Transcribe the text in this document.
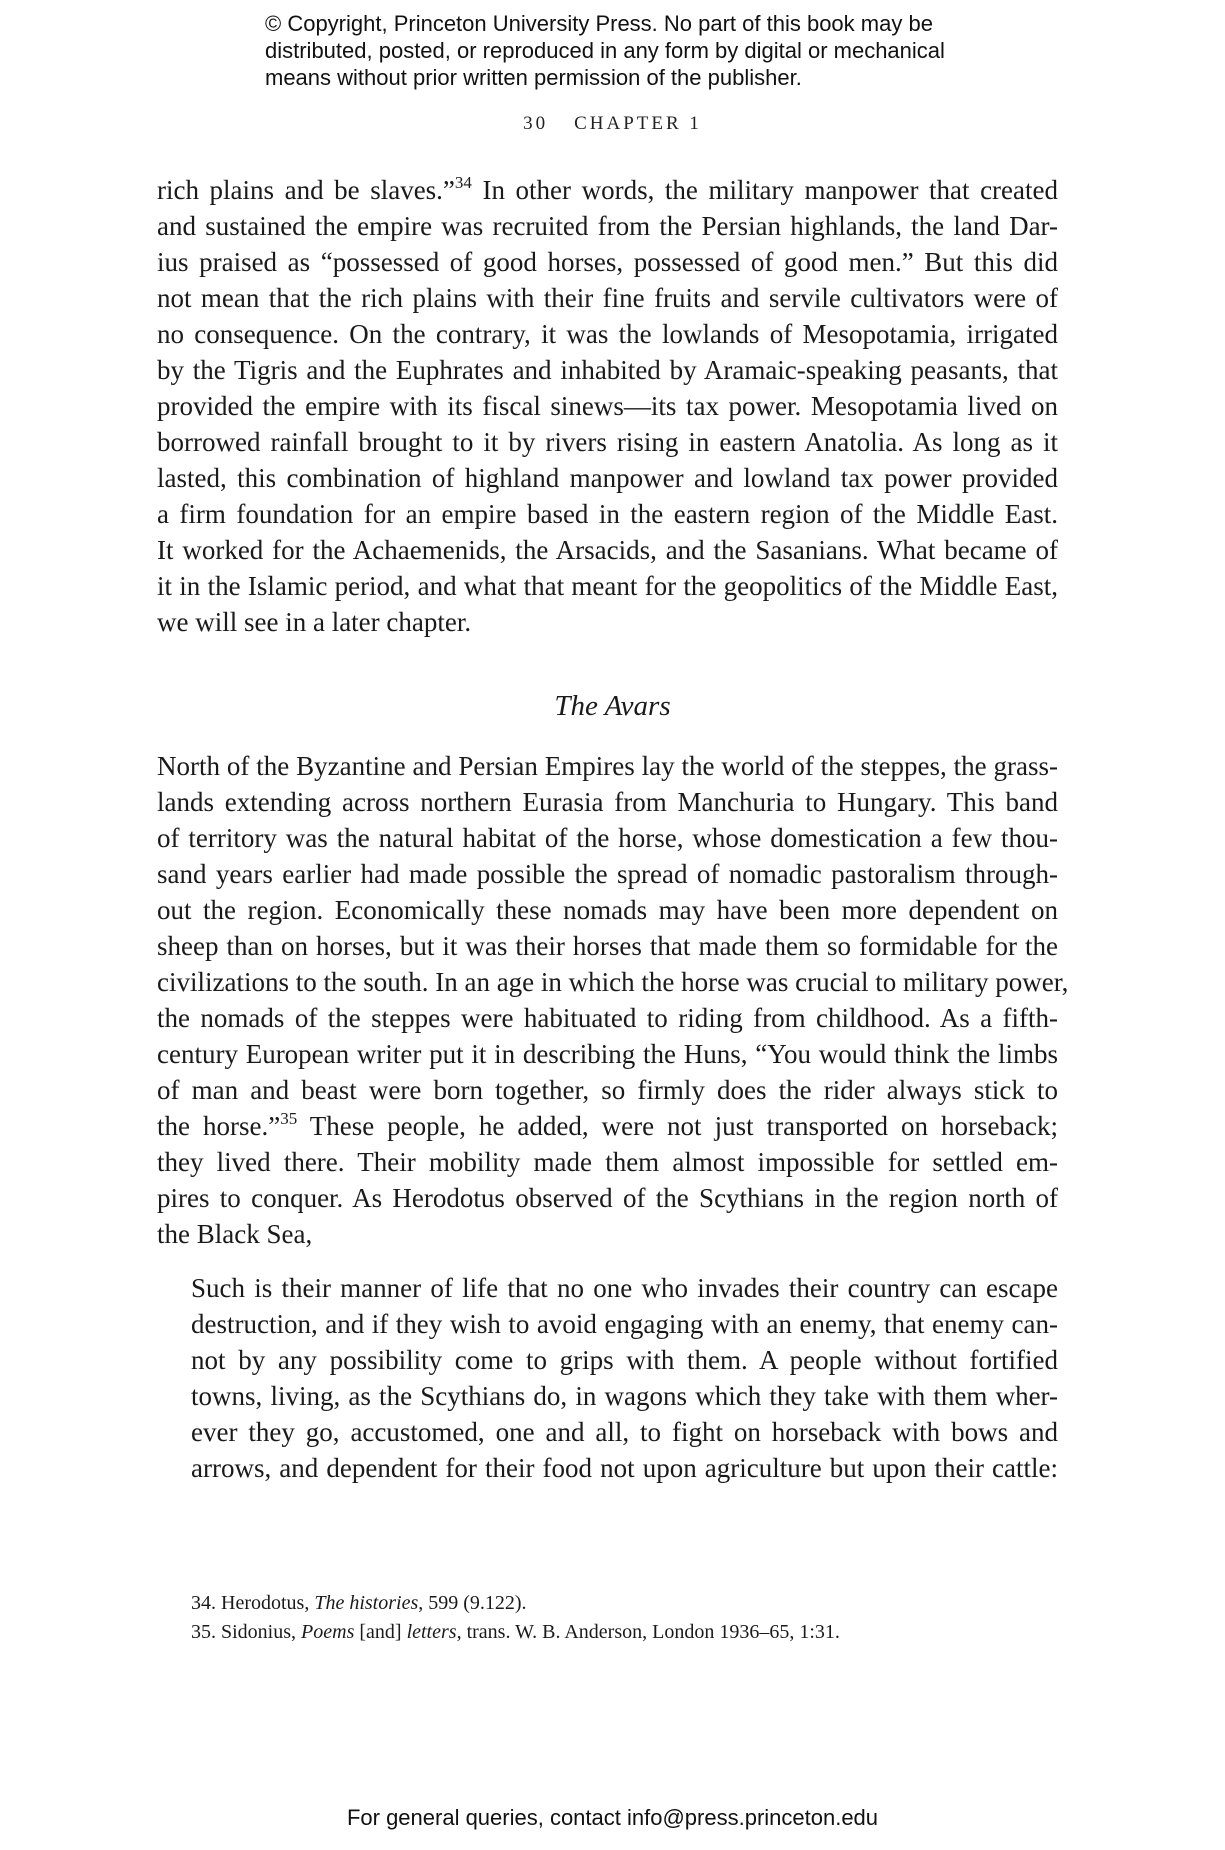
© Copyright, Princeton University Press. No part of this book may be
distributed, posted, or reproduced in any form by digital or mechanical
means without prior written permission of the publisher.
30 CHAPTER 1
rich plains and be slaves.”$^{34}$ In other words, the military manpower that created
and sustained the empire was recruited from the Persian highlands, the land Dar-
ius praised as “possessed of good horses, possessed of good men.” But this did
not mean that the rich plains with their fine fruits and servile cultivators were of
no consequence. On the contrary, it was the lowlands of Mesopotamia, irrigated
by the Tigris and the Euphrates and inhabited by Aramaic-speaking peasants, that
provided the empire with its fiscal sinews—its tax power. Mesopotamia lived on
borrowed rainfall brought to it by rivers rising in eastern Anatolia. As long as it
lasted, this combination of highland manpower and lowland tax power provided
a firm foundation for an empire based in the eastern region of the Middle East.
It worked for the Achaemenids, the Arsacids, and the Sasanians. What became of
it in the Islamic period, and what that meant for the geopolitics of the Middle East,
we will see in a later chapter.
The Avars
North of the Byzantine and Persian Empires lay the world of the steppes, the grass-
lands extending across northern Eurasia from Manchuria to Hungary. This band
of territory was the natural habitat of the horse, whose domestication a few thou-
sand years earlier had made possible the spread of nomadic pastoralism through-
out the region. Economically these nomads may have been more dependent on
sheep than on horses, but it was their horses that made them so formidable for the
civilizations to the south. In an age in which the horse was crucial to military power,
the nomads of the steppes were habituated to riding from childhood. As a fifth-
century European writer put it in describing the Huns, “You would think the limbs
of man and beast were born together, so firmly does the rider always stick to
the horse.”$^{35}$ These people, he added, were not just transported on horseback;
they lived there. Their mobility made them almost impossible for settled em-
pires to conquer. As Herodotus observed of the Scythians in the region north of
the Black Sea,
Such is their manner of life that no one who invades their country can escape
destruction, and if they wish to avoid engaging with an enemy, that enemy can-
not by any possibility come to grips with them. A people without fortified
towns, living, as the Scythians do, in wagons which they take with them wher-
ever they go, accustomed, one and all, to fight on horseback with bows and
arrows, and dependent for their food not upon agriculture but upon their cattle:
34. Herodotus, The histories, 599 (9.122).
35. Sidonius, Poems [and] letters, trans. W. B. Anderson, London 1936–65, 1:31.
For general queries, contact info@press.princeton.edu
